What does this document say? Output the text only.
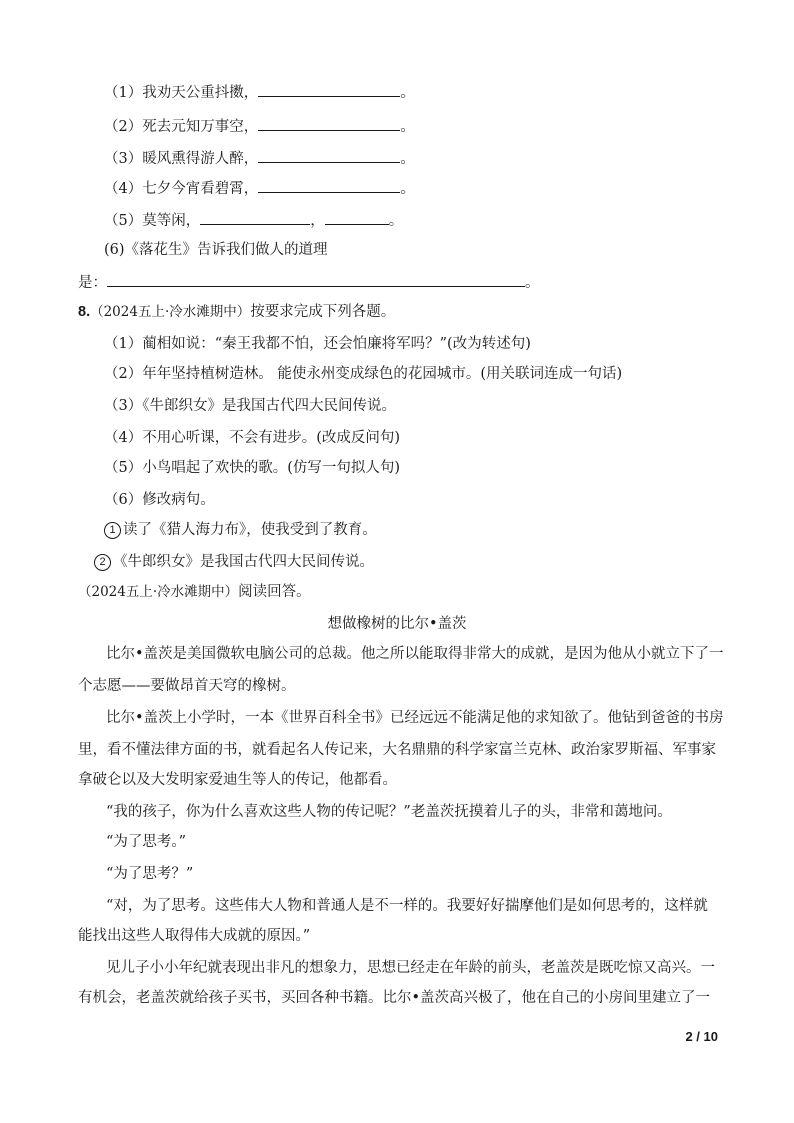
（1）我劝天公重抖擞，	。
（2）死去元知万事空，	。
（3）暖风熏得游人醉，	。
（4）七夕今宵看碧霄，	。
（5）莫等闲，	，	。
(6)《落花生》告诉我们做人的道理
是：	。
8.（2024五上·冷水滩期中）按要求完成下列各题。
（1）蔺相如说：“秦王我都不怕，还会怕廉将军吗？”(改为转述句)
（2）年年坚持植树造林。 能使永州变成绿色的花园城市。(用关联词连成一句话)
（3）《牛郎织女》是我国古代四大民间传说。
（4）不用心听课，不会有进步。(改成反问句)
（5）小鸟唱起了欢快的歌。(仿写一句拟人句)
（6）修改病句。
1 读了《猎人海力布》，使我受到了教育。
2 《牛郎织女》是我国古代四大民间传说。
（2024五上·冷水滩期中）阅读回答。
想做橡树的比尔•盖茨
比尔•盖茨是美国微软电脑公司的总裁。他之所以能取得非常大的成就，是因为他从小就立下了一
个志愿——要做昂首天穹的橡树。
比尔•盖茨上小学时，一本《世界百科全书》已经远远不能满足他的求知欲了。他钻到爸爸的书房
里，看不懂法律方面的书，就看起名人传记来，大名鼎鼎的科学家富兰克林、政治家罗斯福、军事家
拿破仑以及大发明家爱迪生等人的传记，他都看。
“我的孩子，你为什么喜欢这些人物的传记呢？”老盖茨抚摸着儿子的头，非常和蔼地问。
“为了思考。”
“为了思考？”
“对，为了思考。这些伟大人物和普通人是不一样的。我要好好揣摩他们是如何思考的，这样就
能找出这些人取得伟大成就的原因。”
见儿子小小年纪就表现出非凡的想象力，思想已经走在年龄的前头，老盖茨是既吃惊又高兴。一
有机会，老盖茨就给孩子买书，买回各种书籍。比尔•盖茨高兴极了，他在自己的小房间里建立了一
2 / 10
